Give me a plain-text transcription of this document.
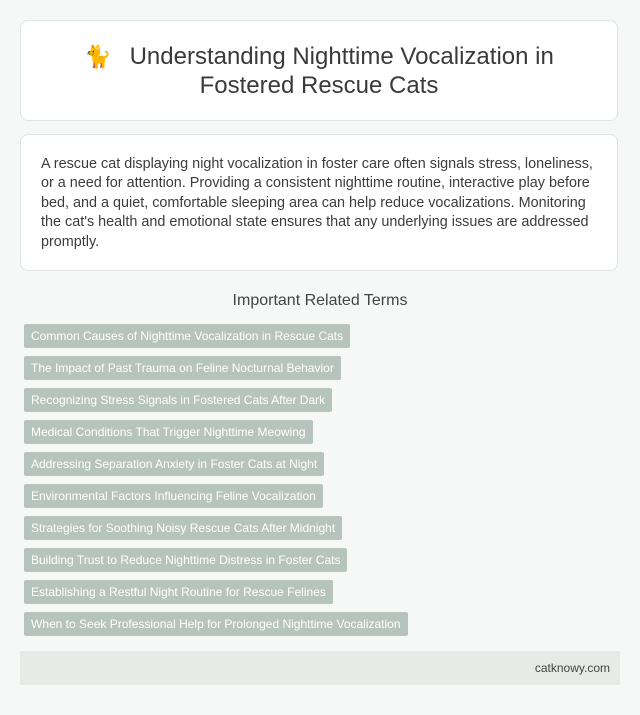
🐈 Understanding Nighttime Vocalization in Fostered Rescue Cats

A rescue cat displaying night vocalization in foster care often signals stress, loneliness, or a need for attention. Providing a consistent nighttime routine, interactive play before bed, and a quiet, comfortable sleeping area can help reduce vocalizations. Monitoring the cat's health and emotional state ensures that any underlying issues are addressed promptly.

Important Related Terms
Common Causes of Nighttime Vocalization in Rescue Cats
The Impact of Past Trauma on Feline Nocturnal Behavior
Recognizing Stress Signals in Fostered Cats After Dark
Medical Conditions That Trigger Nighttime Meowing
Addressing Separation Anxiety in Foster Cats at Night
Environmental Factors Influencing Feline Vocalization
Strategies for Soothing Noisy Rescue Cats After Midnight
Building Trust to Reduce Nighttime Distress in Foster Cats
Establishing a Restful Night Routine for Rescue Felines
When to Seek Professional Help for Prolonged Nighttime Vocalization
catknowy.com
